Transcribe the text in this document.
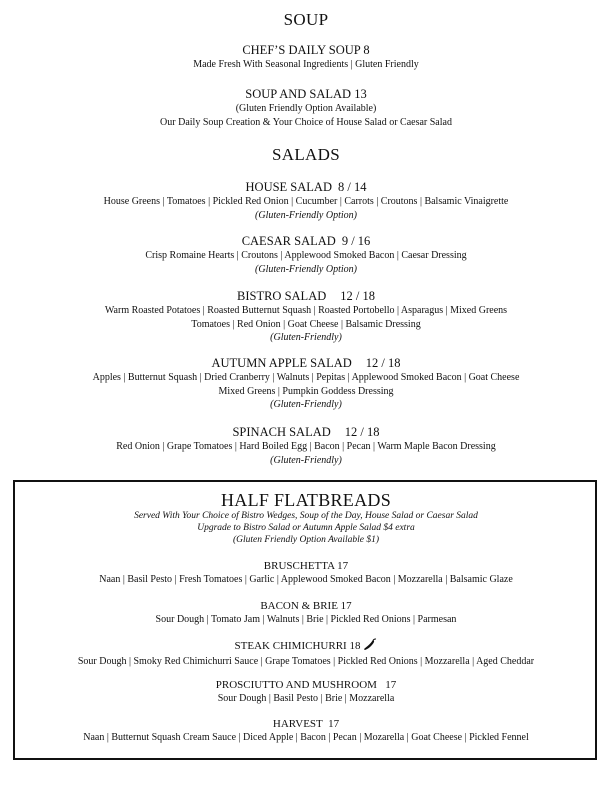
SOUP
CHEF’S DAILY SOUP 8
Made Fresh With Seasonal Ingredients | Gluten Friendly
SOUP AND SALAD 13
(Gluten Friendly Option Available)
Our Daily Soup Creation & Your Choice of House Salad or Caesar Salad
SALADS
HOUSE SALAD 8 / 14
House Greens | Tomatoes | Pickled Red Onion | Cucumber | Carrots | Croutons | Balsamic Vinaigrette
(Gluten-Friendly Option)
CAESAR SALAD 9 / 16
Crisp Romaine Hearts | Croutons | Applewood Smoked Bacon | Caesar Dressing
(Gluten-Friendly Option)
BISTRO SALAD 12 / 18
Warm Roasted Potatoes | Roasted Butternut Squash | Roasted Portobello | Asparagus | Mixed Greens
Tomatoes | Red Onion | Goat Cheese | Balsamic Dressing
(Gluten-Friendly)
AUTUMN APPLE SALAD 12 / 18
Apples | Butternut Squash | Dried Cranberry | Walnuts | Pepitas | Applewood Smoked Bacon | Goat Cheese
Mixed Greens | Pumpkin Goddess Dressing
(Gluten-Friendly)
SPINACH SALAD 12 / 18
Red Onion | Grape Tomatoes | Hard Boiled Egg | Bacon | Pecan | Warm Maple Bacon Dressing
(Gluten-Friendly)
HALF FLATBREADS
Served With Your Choice of Bistro Wedges, Soup of the Day, House Salad or Caesar Salad
Upgrade to Bistro Salad or Autumn Apple Salad $4 extra
(Gluten Friendly Option Available $1)
BRUSCHETTA 17
Naan | Basil Pesto | Fresh Tomatoes | Garlic | Applewood Smoked Bacon | Mozzarella | Balsamic Glaze
BACON & BRIE 17
Sour Dough | Tomato Jam | Walnuts | Brie | Pickled Red Onions | Parmesan
STEAK CHIMICHURRI 18
Sour Dough | Smoky Red Chimichurri Sauce | Grape Tomatoes | Pickled Red Onions | Mozzarella | Aged Cheddar
PROSCIUTTO AND MUSHROOM   17
Sour Dough | Basil Pesto | Brie | Mozzarella
HARVEST  17
Naan | Butternut Squash Cream Sauce | Diced Apple | Bacon | Pecan | Mozarella | Goat Cheese | Pickled Fennel
